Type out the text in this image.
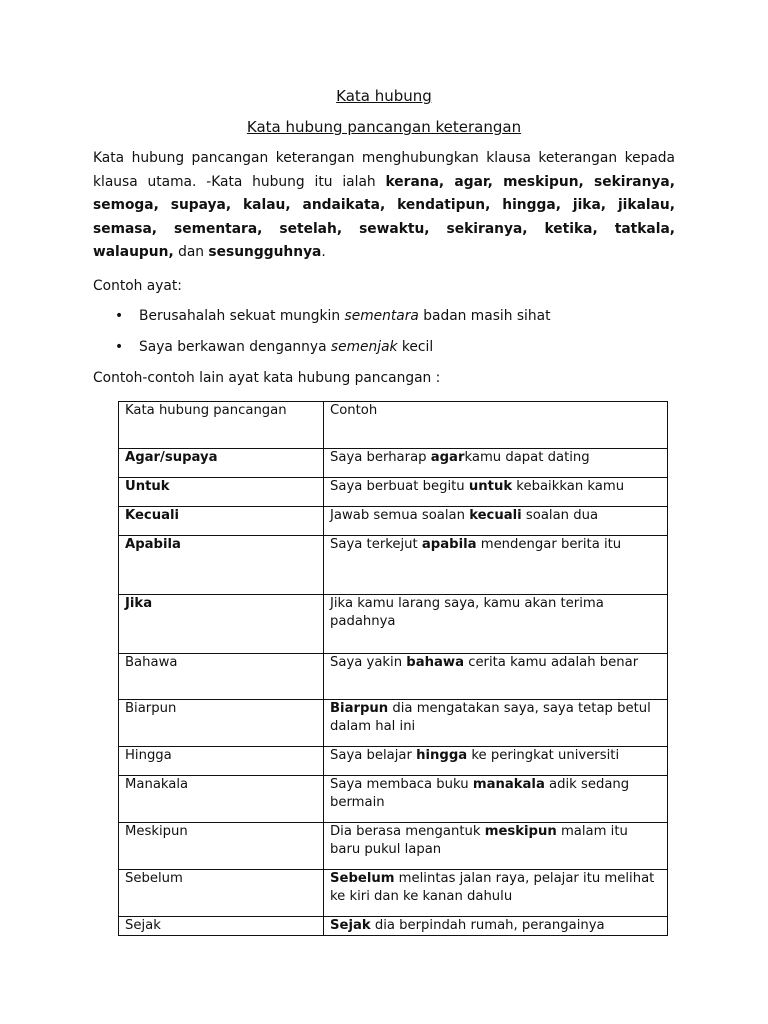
Kata hubung
Kata hubung pancangan keterangan
Kata hubung pancangan keterangan menghubungkan klausa keterangan kepada klausa utama. -Kata hubung itu ialah kerana, agar, meskipun, sekiranya, semoga, supaya, kalau, andaikata, kendatipun, hingga, jika, jikalau, semasa, sementara, setelah, sewaktu, sekiranya, ketika, tatkala, walaupun, dan sesungguhnya.
Contoh ayat:
• Berusahalah sekuat mungkin sementara badan masih sihat
• Saya berkawan dengannya semenjak kecil
Contoh-contoh lain ayat kata hubung pancangan :
Kata hubung pancangan	Contoh
Agar/supaya	Saya berharap agarkamu dapat dating
Untuk	Saya berbuat begitu untuk kebaikkan kamu
Kecuali	Jawab semua soalan kecuali soalan dua
Apabila	Saya terkejut apabila mendengar berita itu
Jika	Jika kamu larang saya, kamu akan terima padahnya
Bahawa	Saya yakin bahawa cerita kamu adalah benar
Biarpun	Biarpun dia mengatakan saya, saya tetap betul dalam hal ini
Hingga	Saya belajar hingga ke peringkat universiti
Manakala	Saya membaca buku manakala adik sedang bermain
Meskipun	Dia berasa mengantuk meskipun malam itu baru pukul lapan
Sebelum	Sebelum melintas jalan raya, pelajar itu melihat ke kiri dan ke kanan dahulu
Sejak	Sejak dia berpindah rumah, perangainya
